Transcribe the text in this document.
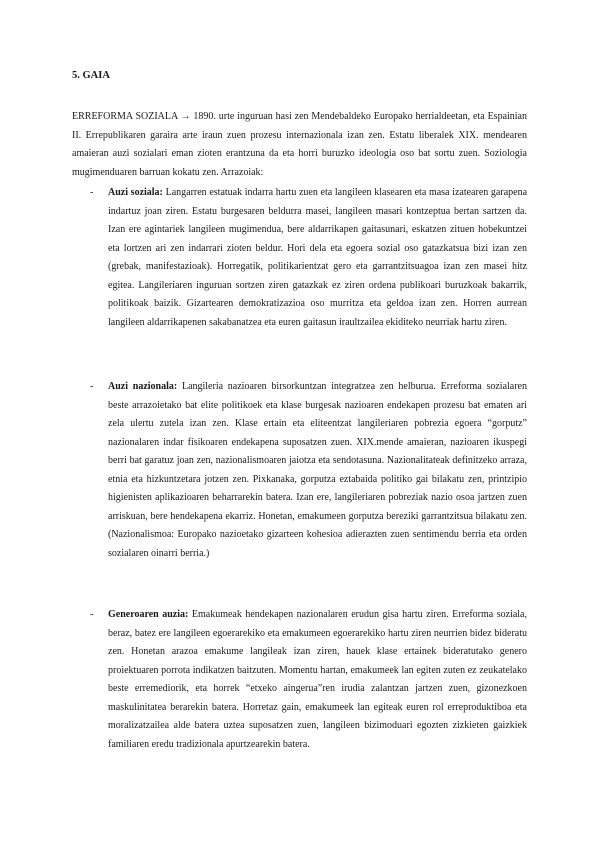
5. GAIA

ERREFORMA SOZIALA → 1890. urte inguruan hasi zen Mendebaldeko Europako herrialdeetan, eta Espainian II. Errepublikaren garaira arte iraun zuen prozesu internazionala izan zen. Estatu liberalek XIX. mendearen amaieran auzi sozialari eman zioten erantzuna da eta horri buruzko ideologia oso bat sortu zuen. Soziologia mugimenduaren barruan kokatu zen. Arrazoiak:

-	Auzi soziala: Langarren estatuak indarra hartu zuen eta langileen klasearen eta masa izatearen garapena indartuz joan ziren. Estatu burgesaren beldurra masei, langileen masari kontzeptua bertan sartzen da. Izan ere agintariek langileen mugimendua, bere aldarrikapen gaitasunari, eskatzen zituen hobekuntzei eta lortzen ari zen indarrari zioten beldur. Hori dela eta egoera sozial oso gatazkatsua bizi izan zen (grebak, manifestazioak). Horregatik, politikarientzat gero eta garrantzitsuagoa izan zen masei hitz egitea. Langileriaren inguruan sortzen ziren gatazkak ez ziren ordena publikoari buruzkoak bakarrik, politikoak baizik. Gizartearen demokratizazioa oso murritza eta geldoa izan zen. Horren aurrean langileen aldarrikapenen sakabanatzea eta euren gaitasun iraultzailea ekiditeko neurriak hartu ziren.

-	Auzi nazionala: Langileria nazioaren birsorkuntzan integratzea zen helburua. Erreforma sozialaren beste arrazoietako bat elite politikoek eta klase burgesak nazioaren endekapen prozesu bat ematen ari zela ulertu zutela izan zen. Klase ertain eta eliteentzat langileriaren pobrezia egoera “gorputz” nazionalaren indar fisikoaren endekapena suposatzen zuen. XIX.mende amaieran, nazioaren ikuspegi berri bat garatuz joan zen, nazionalismoaren jaiotza eta sendotasuna. Nazionalitateak definitzeko arraza, etnia eta hizkuntzetara jotzen zen. Pixkanaka, gorputza eztabaida politiko gai bilakatu zen, printzipio higienisten aplikazioaren beharrarekin batera. Izan ere, langileriaren pobreziak nazio osoa jartzen zuen arriskuan, bere hendekapena ekarriz. Honetan, emakumeen gorputza bereziki garrantzitsua bilakatu zen. (Nazionalismoa: Europako nazioetako gizarteen kohesioa adierazten zuen sentimendu berria eta orden sozialaren oinarri berria.)

-	Generoaren auzia: Emakumeak hendekapen nazionalaren erudun gisa hartu ziren. Erreforma soziala, beraz, batez ere langileen egoerarekiko eta emakumeen egoerarekiko hartu ziren neurrien bidez bideratu zen. Honetan arazoa emakume langileak izan ziren, hauek klase ertainek bideratutako genero proiektuaren porrota indikatzen baitzuten. Momentu hartan, emakumeek lan egiten zuten ez zeukatelako beste erremediorik, eta horrek “etxeko aingerua”ren irudia zalantzan jartzen zuen, gizonezkoen maskulinitatea berarekin batera. Horretaz gain, emakumeek lan egiteak euren rol erreproduktiboa eta moralizatzailea alde batera uztea suposatzen zuen, langileen bizimoduari egozten zizkieten gaizkiek familiaren eredu tradizionala apurtzearekin batera.
